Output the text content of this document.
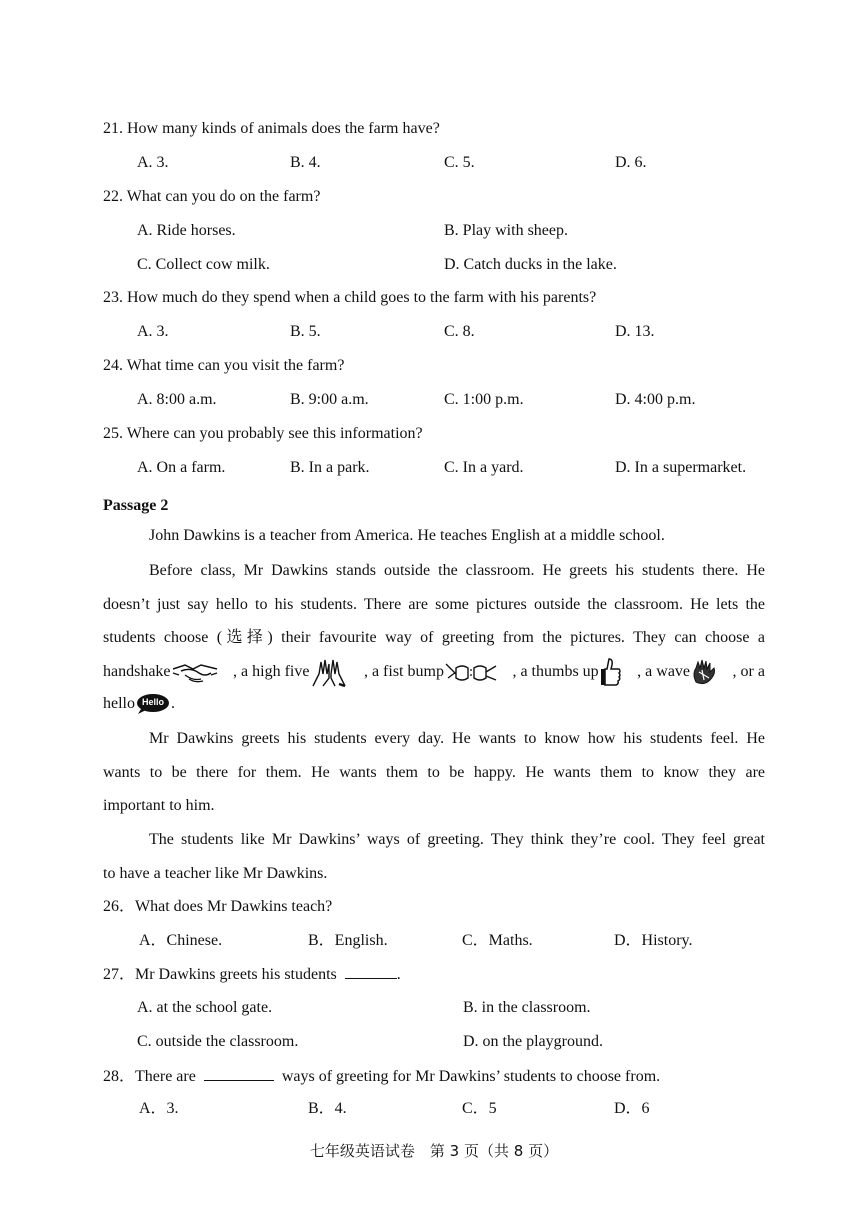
21. How many kinds of animals does the farm have?
A. 3.	B. 4.	C. 5.	D. 6.
22. What can you do on the farm?
A. Ride horses.	B. Play with sheep.
C. Collect cow milk.	D. Catch ducks in the lake.
23. How much do they spend when a child goes to the farm with his parents?
A. 3.	B. 5.	C. 8.	D. 13.
24. What time can you visit the farm?
A. 8:00 a.m.	B. 9:00 a.m.	C. 1:00 p.m.	D. 4:00 p.m.
25. Where can you probably see this information?
A. On a farm.	B. In a park.	C. In a yard.	D. In a supermarket.
Passage 2
John Dawkins is a teacher from America. He teaches English at a middle school.
Before class, Mr Dawkins stands outside the classroom. He greets his students there. He
doesn’t just say hello to his students. There are some pictures outside the classroom. He lets the
students choose (选择) their favourite way of greeting from the pictures. They can choose a
handshake	, a high five	, a fist bump	, a thumbs up , a wave	, or a
hello Hello .
Mr Dawkins greets his students every day. He wants to know how his students feel. He
wants to be there for them. He wants them to be happy. He wants them to know they are
important to him.
The students like Mr Dawkins’ ways of greeting. They think they’re cool. They feel great
to have a teacher like Mr Dawkins.
26．What does Mr Dawkins teach?
A．Chinese.	B．English.	C．Maths.	D．History.
27．Mr Dawkins greets his students	.
A. at the school gate.	B. in the classroom.
C. outside the classroom.	D. on the playground.
28．There are	ways of greeting for Mr Dawkins’ students to choose from.
A．3.	B．4.	C．5	D．6
七年级英语试卷　第 3 页（共 8 页）
